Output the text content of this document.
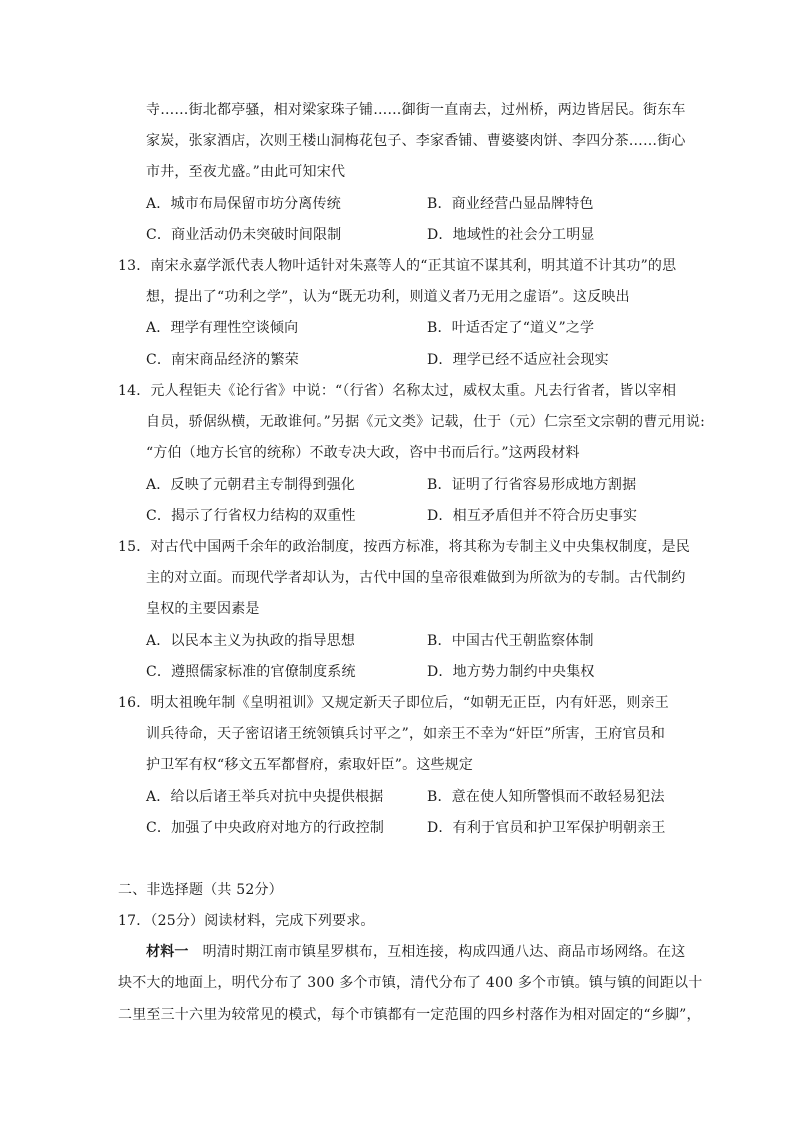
寺……街北都亭骚，相对梁家珠子铺……御街一直南去，过州桥，两边皆居民。街东车
家炭，张家酒店，次则王楼山洞梅花包子、李家香铺、曹婆婆肉饼、李四分茶……街心
市井，至夜尤盛。”由此可知宋代
A．城市布局保留市坊分离传统	B．商业经营凸显品牌特色
C．商业活动仍未突破时间限制	D．地域性的社会分工明显
13．南宋永嘉学派代表人物叶适针对朱熹等人的“正其谊不谋其利，明其道不计其功”的思
想，提出了“功利之学”，认为“既无功利，则道义者乃无用之虚语”。这反映出
A．理学有理性空谈倾向	B．叶适否定了“道义”之学
C．南宋商品经济的繁荣	D．理学已经不适应社会现实
14．元人程钜夫《论行省》中说：“（行省）名称太过，威权太重。凡去行省者，皆以宰相
自员，骄倨纵横，无敢谁何。”另据《元文类》记载，仕于（元）仁宗至文宗朝的曹元用说:
“方伯（地方长官的统称）不敢专决大政，咨中书而后行。”这两段材料
A．反映了元朝君主专制得到强化	B．证明了行省容易形成地方割据
C．揭示了行省权力结构的双重性	D．相互矛盾但并不符合历史事实
15．对古代中国两千余年的政治制度，按西方标准，将其称为专制主义中央集权制度，是民
主的对立面。而现代学者却认为，古代中国的皇帝很难做到为所欲为的专制。古代制约
皇权的主要因素是
A．以民本主义为执政的指导思想	B．中国古代王朝监察体制
C．遵照儒家标准的官僚制度系统	D．地方势力制约中央集权
16．明太祖晚年制《皇明祖训》又规定新天子即位后，“如朝无正臣，内有奸恶，则亲王
训兵待命，天子密诏诸王统领镇兵讨平之”，如亲王不幸为“奸臣”所害，王府官员和
护卫军有权“移文五军都督府，索取奸臣”。这些规定
A．给以后诸王举兵对抗中央提供根据	B．意在使人知所警惧而不敢轻易犯法
C．加强了中央政府对地方的行政控制	D．有利于官员和护卫军保护明朝亲王
二、非选择题（共 52分）
17．（25分）阅读材料，完成下列要求。
材料一 明清时期江南市镇星罗棋布，互相连接，构成四通八达、商品市场网络。在这
块不大的地面上，明代分布了 300 多个市镇，清代分布了 400 多个市镇。镇与镇的间距以十
二里至三十六里为较常见的模式，每个市镇都有一定范围的四乡村落作为相对固定的“乡脚”，
